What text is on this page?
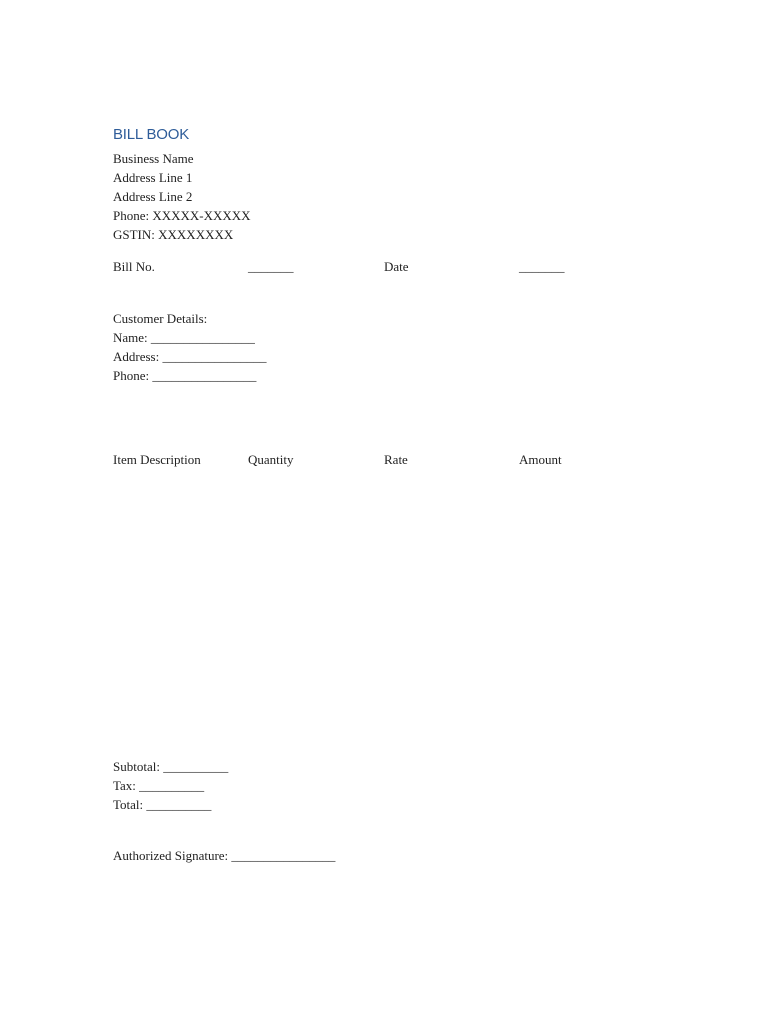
BILL BOOK
Business Name
Address Line 1
Address Line 2
Phone: XXXXX-XXXXX
GSTIN: XXXXXXXX
Bill No.	_______	Date	_______
Customer Details:
Name: ________________
Address: ________________
Phone: ________________
Item Description	Quantity	Rate	Amount
Subtotal: __________
Tax: __________
Total: __________
Authorized Signature: ________________
